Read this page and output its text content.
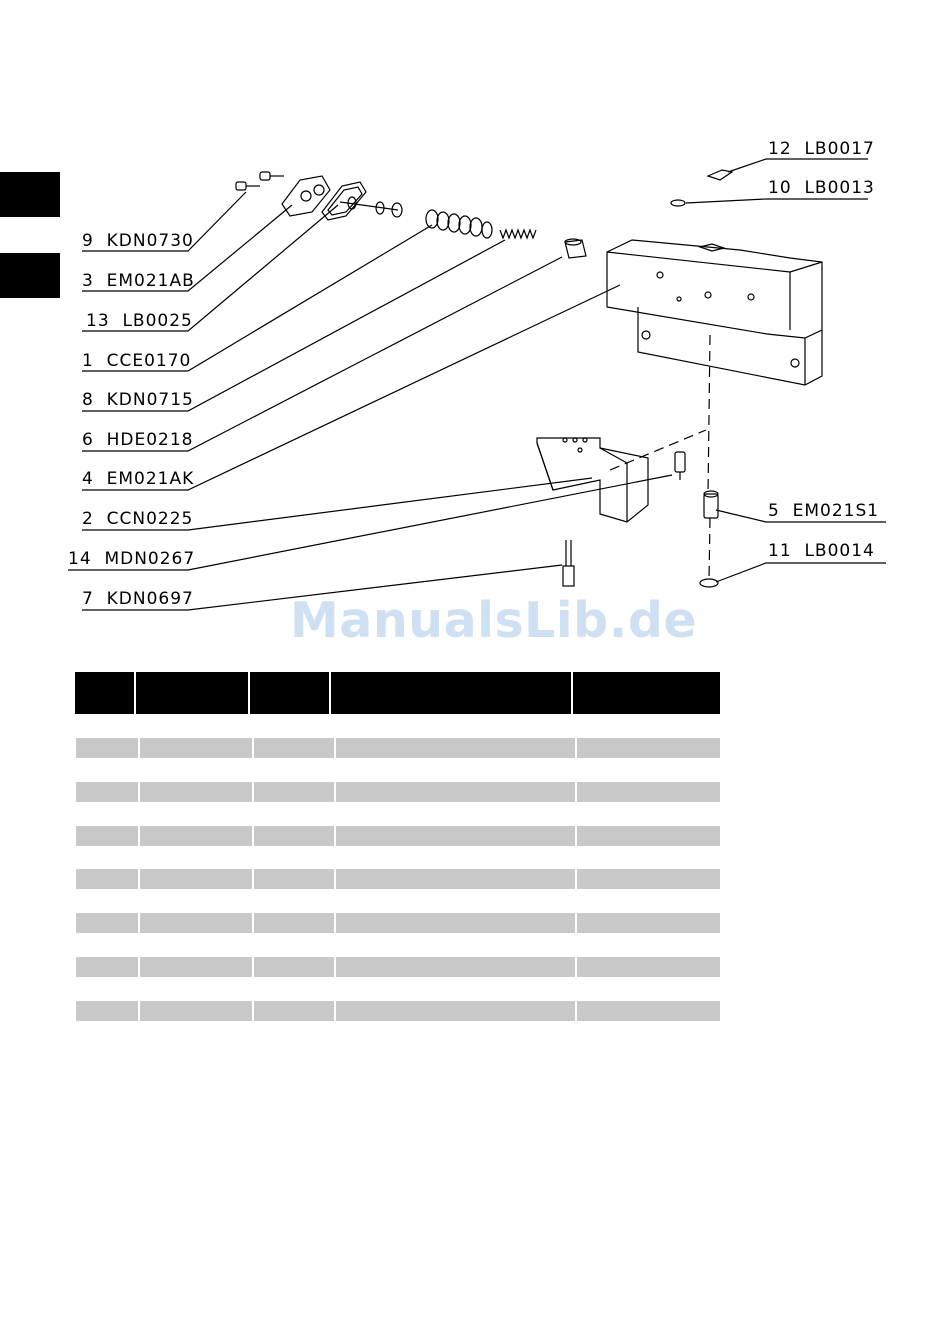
9  KDN0730
3  EM021AB
13  LB0025
1  CCE0170
8  KDN0715
6  HDE0218
4  EM021AK
2  CCN0225
14  MDN0267
7  KDN0697
12  LB0017
10  LB0013
5  EM021S1
11  LB0014
ManualsLib.de
